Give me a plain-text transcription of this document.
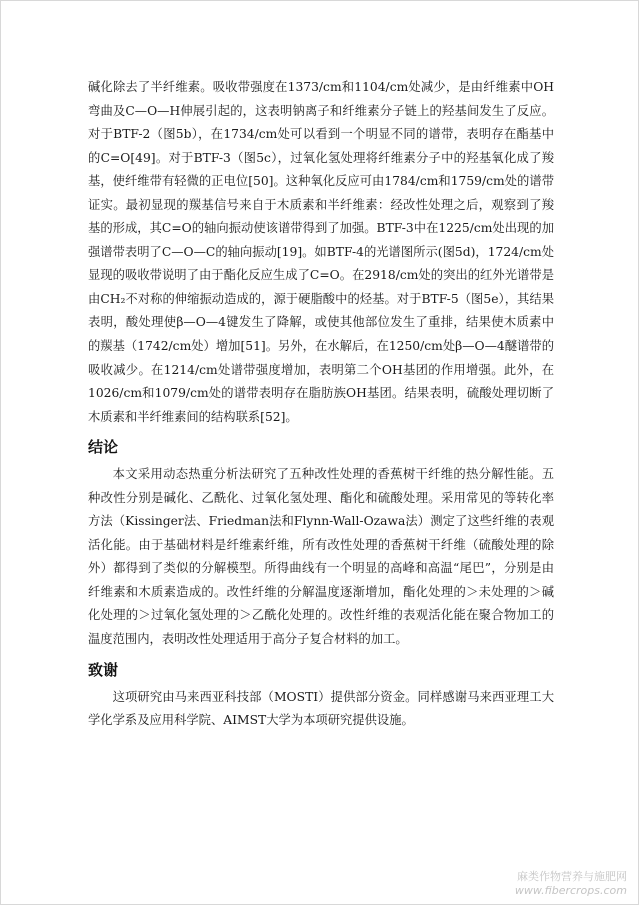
碱化除去了半纤维素。吸收带强度在1373/cm和1104/cm处减少，是由纤维素中OH弯曲及C—O—H伸展引起的，这表明钠离子和纤维素分子链上的羟基间发生了反应。对于BTF-2（图5b），在1734/cm处可以看到一个明显不同的谱带，表明存在酯基中的C=O[49]。对于BTF-3（图5c），过氧化氢处理将纤维素分子中的羟基氧化成了羧基，使纤维带有轻微的正电位[50]。这种氧化反应可由1784/cm和1759/cm处的谱带证实。最初显现的羰基信号来自于木质素和半纤维素：经改性处理之后，观察到了羧基的形成，其C=O的轴向振动使该谱带得到了加强。BTF-3中在1225/cm处出现的加强谱带表明了C—O—C的轴向振动[19]。如BTF-4的光谱图所示(图5d)，1724/cm处显现的吸收带说明了由于酯化反应生成了C=O。在2918/cm处的突出的红外光谱带是由CH₂不对称的伸缩振动造成的，源于硬脂酸中的烃基。对于BTF-5（图5e），其结果表明，酸处理使β—O—4键发生了降解，或使其他部位发生了重排，结果使木质素中的羰基（1742/cm处）增加[51]。另外，在水解后，在1250/cm处β—O—4醚谱带的吸收减少。在1214/cm处谱带强度增加，表明第二个OH基团的作用增强。此外，在1026/cm和1079/cm处的谱带表明存在脂肪族OH基团。结果表明，硫酸处理切断了木质素和半纤维素间的结构联系[52]。

结论

本文采用动态热重分析法研究了五种改性处理的香蕉树干纤维的热分解性能。五种改性分别是碱化、乙酰化、过氧化氢处理、酯化和硫酸处理。采用常见的等转化率方法（Kissinger法、Friedman法和Flynn-Wall-Ozawa法）测定了这些纤维的表观活化能。由于基础材料是纤维素纤维，所有改性处理的香蕉树干纤维（硫酸处理的除外）都得到了类似的分解模型。所得曲线有一个明显的高峰和高温“尾巴”，分别是由纤维素和木质素造成的。改性纤维的分解温度逐渐增加，酯化处理的＞未处理的＞碱化处理的＞过氧化氢处理的＞乙酰化处理的。改性纤维的表观活化能在聚合物加工的温度范围内，表明改性处理适用于高分子复合材料的加工。

致谢

这项研究由马来西亚科技部（MOSTI）提供部分资金。同样感谢马来西亚理工大学化学系及应用科学院、AIMST大学为本项研究提供设施。

麻类作物营养与施肥网
www.fibercrops.com
